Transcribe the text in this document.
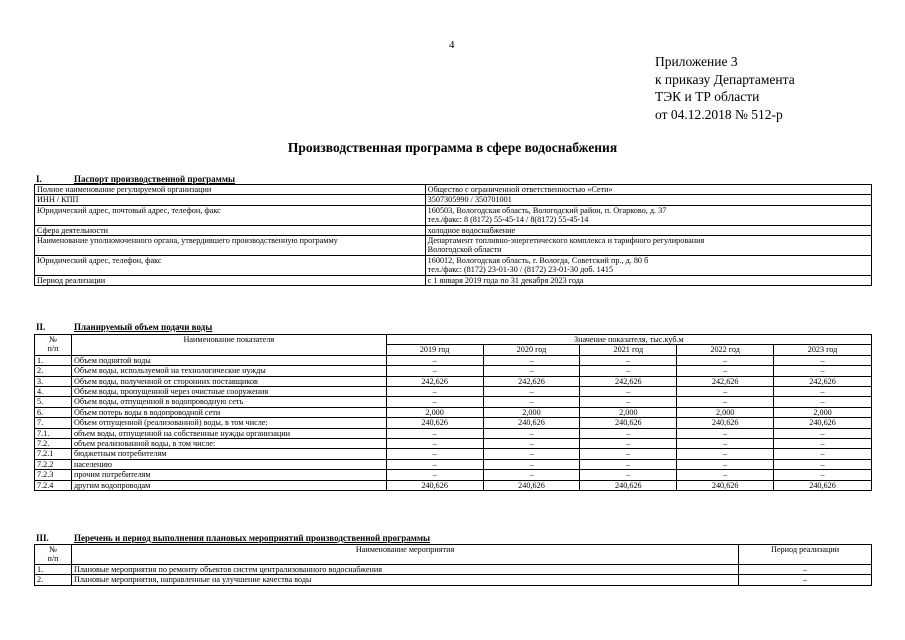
4
Приложение 3
к приказу Департамента
ТЭК и ТР области
от 04.12.2018 № 512-р
Производственная программа в сфере водоснабжения
I.	Паспорт производственной программы
Полное наименование регулируемой организации	Общество с ограниченной ответственностью «Сети»
ИНН / КПП	3507305990 / 350701001
Юридический адрес, почтовый адрес, телефон, факс	160503, Вологодская область, Вологодский район, п. Огарково, д. 37
тел./факс: 8 (8172) 55-45-14 / 8(8172) 55-45-14

Сфера деятельности	холодное водоснабжение
Наименование уполномоченного органа, утвердившего производственную программу	Департамент топливно-энергетического комплекса и тарифного регулирования
Вологодской области

Юридический адрес, телефон, факс	160012, Вологодская область, г. Вологда, Советский пр., д. 80 б
тел./факс: (8172) 23-01-30 / (8172) 23-01-30 доб. 1415

Период реализации	с 1 января 2019 года по 31 декабря 2023 года
II.	Планируемый объем подачи воды
№
п/п	Наименование показателя	Значение показателя, тыс.куб.м				
		2019 год	2020 год	2021 год	2022 год	2023 год
1.	Объем поднятой воды	–	–	–	–	–
2.	Объем воды, используемой на технологические нужды	–	–	–	–	–
3.	Объем воды, полученной от сторонних поставщиков	242,626	242,626	242,626	242,626	242,626
4.	Объем воды, пропущенной через очистные сооружения	–	–	–	–	–
5.	Объем воды, отпущенной в водопроводную сеть	–	–	–	–	–
6.	Объем потерь воды в водопроводной сети	2,000	2,000	2,000	2,000	2,000
7.	Объем отпущенной (реализованной) воды, в том числе:	240,626	240,626	240,626	240,626	240,626
7.1.	объем воды, отпущенной на собственные нужды организации	–	–	–	–	–
7.2.	объем реализованной воды, в том числе:	–	–	–	–	–
7.2.1	бюджетным потребителям	–	–	–	–	–
7.2.2	населению	–	–	–	–	–
7.2.3	прочим потребителям	–	–	–	–	–
7.2.4	другим водопроводам	240,626	240,626	240,626	240,626	240,626
III.	Перечень и период выполнения плановых мероприятий производственной программы
№
п/п	Наименование мероприятия	Период реализации
1.	Плановые мероприятия по ремонту объектов систем централизованного водоснабжения	–
2.	Плановые мероприятия, направленные на улучшение качества воды	–
